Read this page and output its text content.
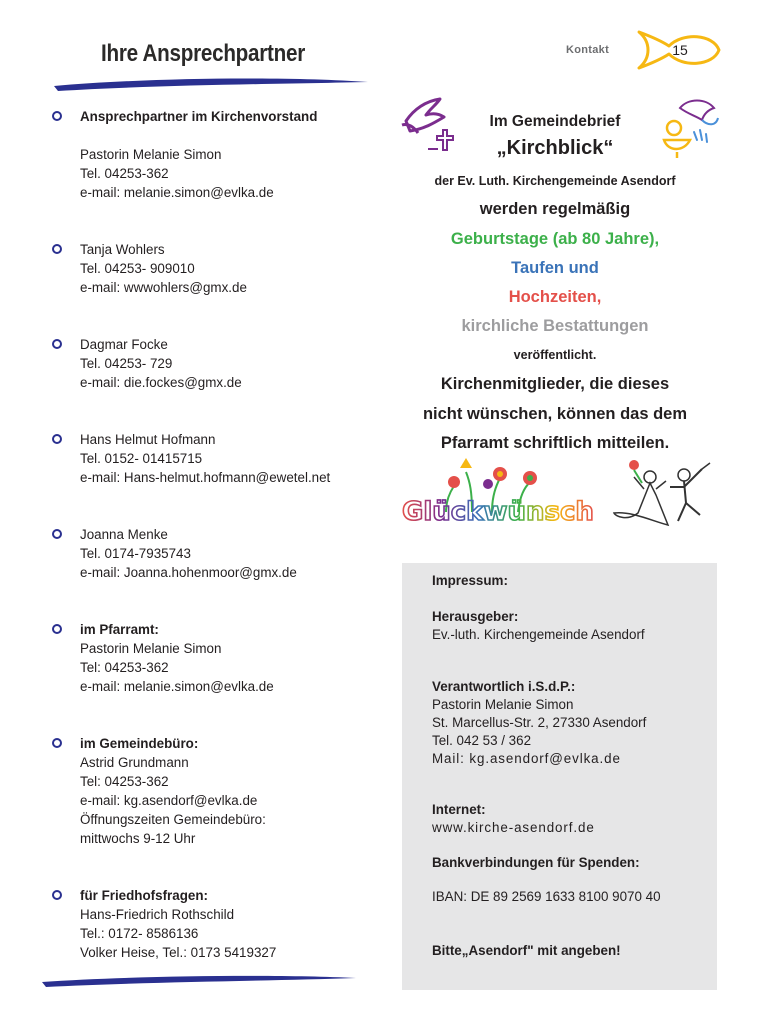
Ihre Ansprechpartner	Kontakt	15
Ansprechpartner im Kirchenvorstand
Pastorin Melanie Simon
Tel. 04253-362
e-mail: melanie.simon@evlka.de
Tanja Wohlers
Tel. 04253- 909010
e-mail: wwwohlers@gmx.de
Dagmar Focke
Tel. 04253- 729
e-mail: die.fockes@gmx.de
Hans Helmut Hofmann
Tel. 0152- 01415715
e-mail: Hans-helmut.hofmann@ewetel.net
Joanna Menke
Tel. 0174-7935743
e-mail: Joanna.hohenmoor@gmx.de
im Pfarramt:
Pastorin Melanie Simon
Tel: 04253-362
e-mail: melanie.simon@evlka.de
im Gemeindebüro:
Astrid Grundmann
Tel: 04253-362
e-mail: kg.asendorf@evlka.de
Öffnungszeiten Gemeindebüro:
mittwochs 9-12 Uhr
für Friedhofsfragen:
Hans-Friedrich Rothschild
Tel.: 0172- 8586136
Volker Heise, Tel.: 0173 5419327
Im Gemeindebrief
„Kirchblick“
der Ev. Luth. Kirchengemeinde Asendorf
werden regelmäßig
Geburtstage (ab 80 Jahre),
Taufen und
Hochzeiten,
kirchliche Bestattungen
veröffentlicht.
Kirchenmitglieder, die dieses
nicht wünschen, können das dem
Pfarramt schriftlich mitteilen.
Glückwünsch
Impressum:
Herausgeber:
Ev.-luth. Kirchengemeinde Asendorf
Verantwortlich i.S.d.P.:
Pastorin Melanie Simon
St. Marcellus-Str. 2, 27330 Asendorf
Tel. 042 53 / 362
Mail: kg.asendorf@evlka.de
Internet:
www.kirche-asendorf.de
Bankverbindungen für Spenden:
IBAN: DE 89 2569 1633 8100 9070 40
Bitte„Asendorf" mit angeben!
